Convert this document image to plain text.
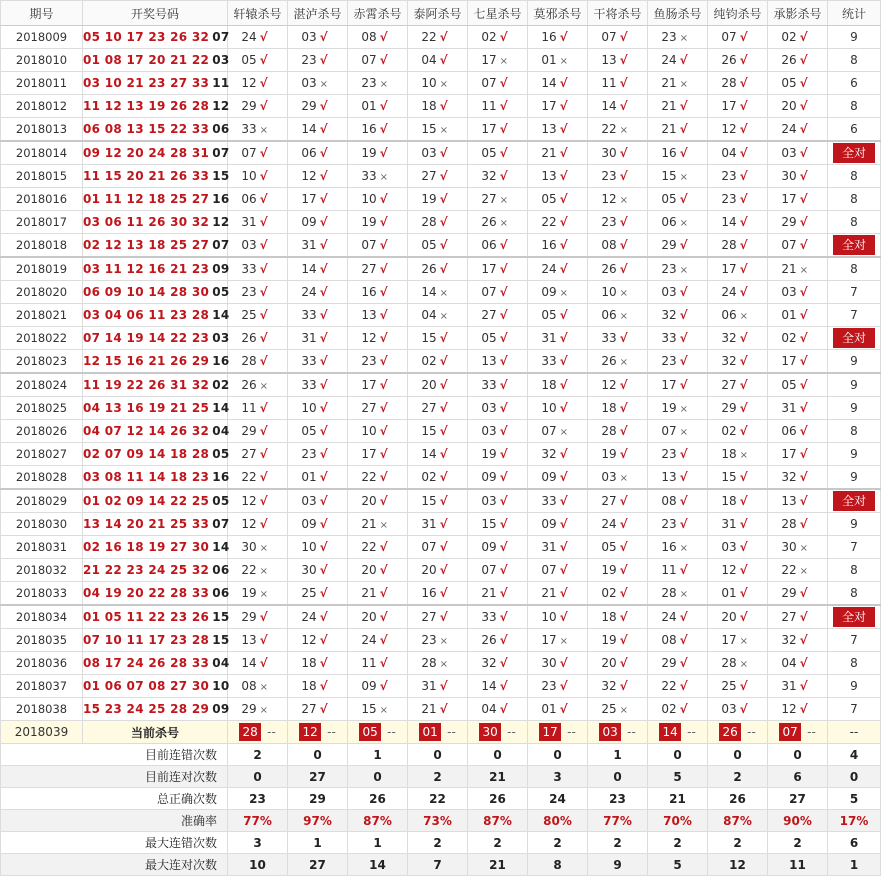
期号	开奖号码	轩辕杀号	湛泸杀号	赤霄杀号	泰阿杀号	七星杀号	莫邪杀号	干将杀号	鱼肠杀号	纯钧杀号	承影杀号	统计
2018009	05 10 17 23 26 32 07	24 √	03 √	08 √	22 √	02 √	16 √	07 √	23 ×	07 √	02 √	9
2018010	01 08 17 20 21 22 03	05 √	23 √	07 √	04 √	17 ×	01 ×	13 √	24 √	26 √	26 √	8
2018011	03 10 21 23 27 33 11	12 √	03 ×	23 ×	10 ×	07 √	14 √	11 √	21 ×	28 √	05 √	6
2018012	11 12 13 19 26 28 12	29 √	29 √	01 √	18 √	11 √	17 √	14 √	21 √	17 √	20 √	8
2018013	06 08 13 15 22 33 06	33 ×	14 √	16 √	15 ×	17 √	13 √	22 ×	21 √	12 √	24 √	6
2018014	09 12 20 24 28 31 07	07 √	06 √	19 √	03 √	05 √	21 √	30 √	16 √	04 √	03 √	全对
2018015	11 15 20 21 26 33 15	10 √	12 √	33 ×	27 √	32 √	13 √	23 √	15 ×	23 √	30 √	8
2018016	01 11 12 18 25 27 16	06 √	17 √	10 √	19 √	27 ×	05 √	12 ×	05 √	23 √	17 √	8
2018017	03 06 11 26 30 32 12	31 √	09 √	19 √	28 √	26 ×	22 √	23 √	06 ×	14 √	29 √	8
2018018	02 12 13 18 25 27 07	03 √	31 √	07 √	05 √	06 √	16 √	08 √	29 √	28 √	07 √	全对
2018019	03 11 12 16 21 23 09	33 √	14 √	27 √	26 √	17 √	24 √	26 √	23 ×	17 √	21 ×	8
2018020	06 09 10 14 28 30 05	23 √	24 √	16 √	14 ×	07 √	09 ×	10 ×	03 √	24 √	03 √	7
2018021	03 04 06 11 23 28 14	25 √	33 √	13 √	04 ×	27 √	05 √	06 ×	32 √	06 ×	01 √	7
2018022	07 14 19 14 22 23 03	26 √	31 √	12 √	15 √	05 √	31 √	33 √	33 √	32 √	02 √	全对
2018023	12 15 16 21 26 29 16	28 √	33 √	23 √	02 √	13 √	33 √	26 ×	23 √	32 √	17 √	9
2018024	11 19 22 26 31 32 02	26 ×	33 √	17 √	20 √	33 √	18 √	12 √	17 √	27 √	05 √	9
2018025	04 13 16 19 21 25 14	11 √	10 √	27 √	27 √	03 √	10 √	18 √	19 ×	29 √	31 √	9
2018026	04 07 12 14 26 32 04	29 √	05 √	10 √	15 √	03 √	07 ×	28 √	07 ×	02 √	06 √	8
2018027	02 07 09 14 18 28 05	27 √	23 √	17 √	14 √	19 √	32 √	19 √	23 √	18 ×	17 √	9
2018028	03 08 11 14 18 23 16	22 √	01 √	22 √	02 √	09 √	09 √	03 ×	13 √	15 √	32 √	9
2018029	01 02 09 14 22 25 05	12 √	03 √	20 √	15 √	03 √	33 √	27 √	08 √	18 √	13 √	全对
2018030	13 14 20 21 25 33 07	12 √	09 √	21 ×	31 √	15 √	09 √	24 √	23 √	31 √	28 √	9
2018031	02 16 18 19 27 30 14	30 ×	10 √	22 √	07 √	09 √	31 √	05 √	16 ×	03 √	30 ×	7
2018032	21 22 23 24 25 32 06	22 ×	30 √	20 √	20 √	07 √	07 √	19 √	11 √	12 √	22 ×	8
2018033	04 19 20 22 28 33 06	19 ×	25 √	21 √	16 √	21 √	21 √	02 √	28 ×	01 √	29 √	8
2018034	01 05 11 22 23 26 15	29 √	24 √	20 √	27 √	33 √	10 √	18 √	24 √	20 √	27 √	全对
2018035	07 10 11 17 23 28 15	13 √	12 √	24 √	23 ×	26 √	17 ×	19 √	08 √	17 ×	32 √	7
2018036	08 17 24 26 28 33 04	14 √	18 √	11 √	28 ×	32 √	30 √	20 √	29 √	28 ×	04 √	8
2018037	01 06 07 08 27 30 10	08 ×	18 √	09 √	31 √	14 √	23 √	32 √	22 √	25 √	31 √	9
2018038	15 23 24 25 28 29 09	29 ×	27 √	15 ×	21 √	04 √	01 √	25 ×	02 √	03 √	12 √	7
2018039	当前杀号	28 --	12 --	05 --	01 --	30 --	17 --	03 --	14 --	26 --	07 --	--
目前连错次数		2	0	1	0	0	0	1	0	0	0	4
目前连对次数		0	27	0	2	21	3	0	5	2	6	0
总正确次数		23	29	26	22	26	24	23	21	26	27	5
准确率		77%	97%	87%	73%	87%	80%	77%	70%	87%	90%	17%
最大连错次数		3	1	1	2	2	2	2	2	2	2	6
最大连对次数		10	27	14	7	21	8	9	5	12	11	1
